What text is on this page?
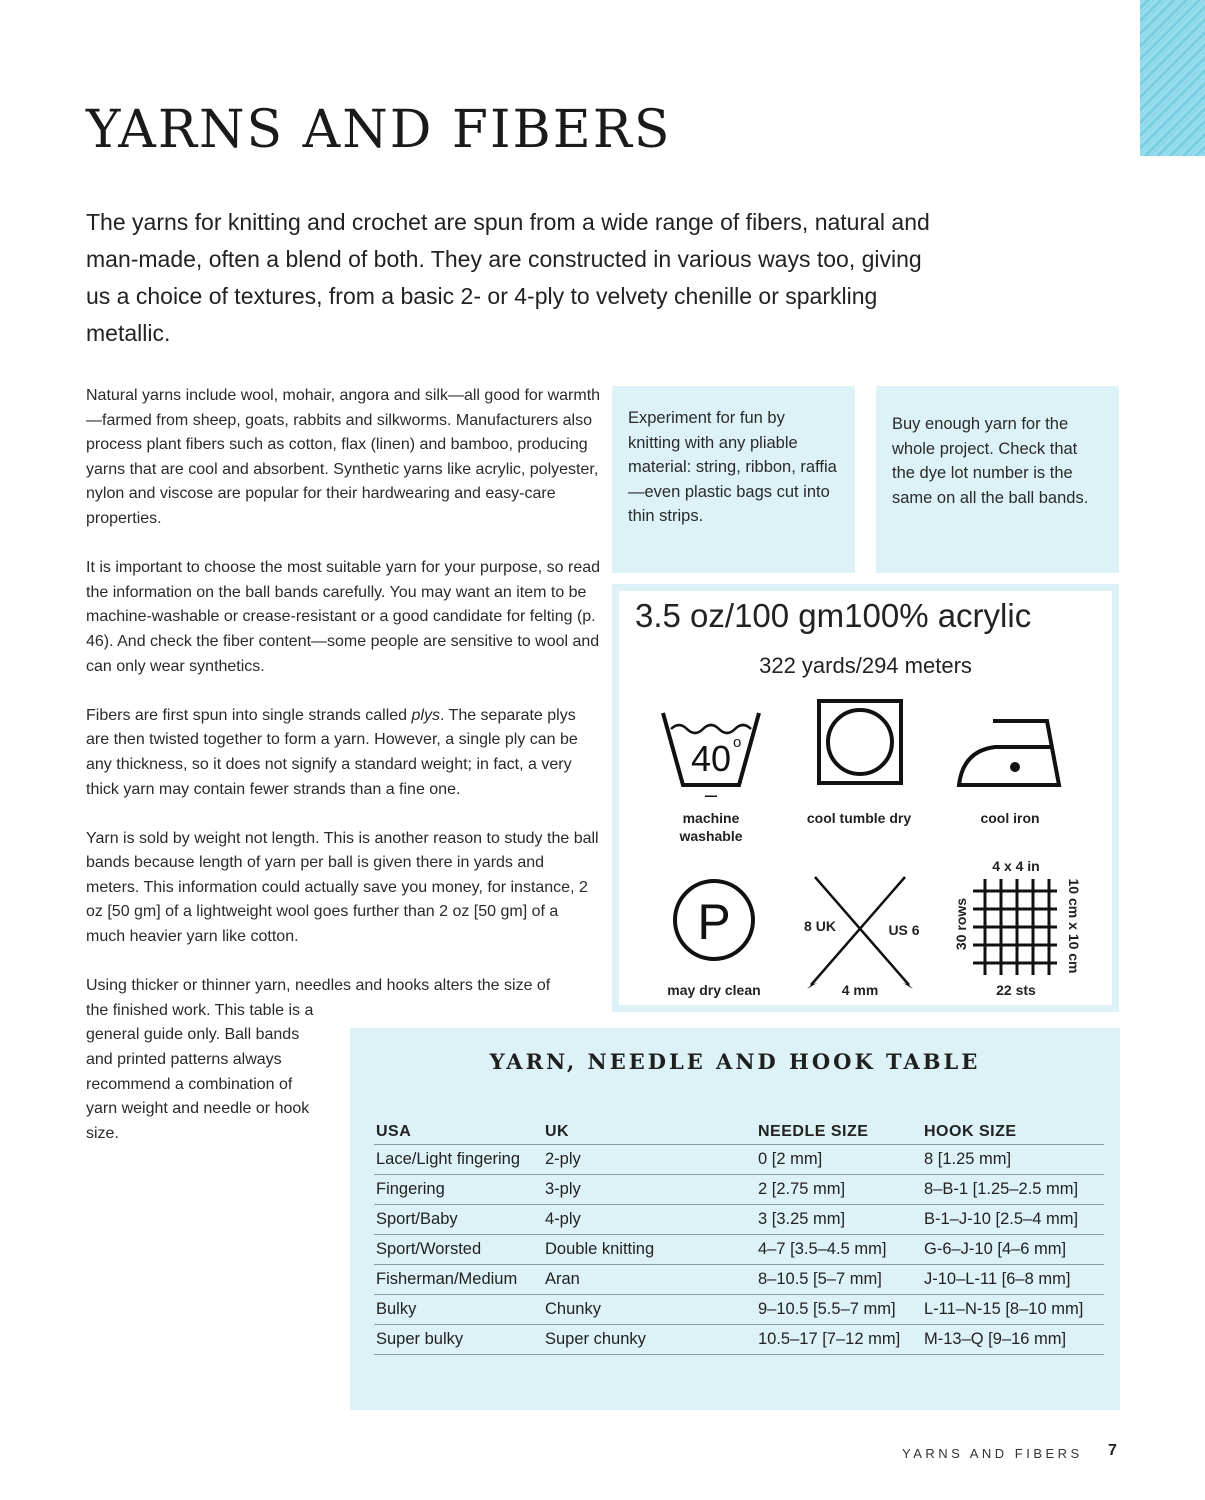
YARNS AND FIBERS

The yarns for knitting and crochet are spun from a wide range of fibers, natural and man-made, often a blend of both. They are constructed in various ways too, giving us a choice of textures, from a basic 2- or 4-ply to velvety chenille or sparkling metallic.

Natural yarns include wool, mohair, angora and silk—all good for warmth—farmed from sheep, goats, rabbits and silkworms. Manufacturers also process plant fibers such as cotton, flax (linen) and bamboo, producing yarns that are cool and absorbent. Synthetic yarns like acrylic, polyester, nylon and viscose are popular for their hardwearing and easy-care properties.

It is important to choose the most suitable yarn for your purpose, so read the information on the ball bands carefully. You may want an item to be machine-washable or crease-resistant or a good candidate for felting (p. 46). And check the fiber content—some people are sensitive to wool and can only wear synthetics.

Fibers are first spun into single strands called plys. The separate plys are then twisted together to form a yarn. However, a single ply can be any thickness, so it does not signify a standard weight; in fact, a very thick yarn may contain fewer strands than a fine one.

Yarn is sold by weight not length. This is another reason to study the ball bands because length of yarn per ball is given there in yards and meters. This information could actually save you money, for instance, 2 oz [50 gm] of a lightweight wool goes further than 2 oz [50 gm] of a much heavier yarn like cotton.

Using thicker or thinner yarn, needles and hooks alters the size of
the finished work. This table is a general guide only. Ball bands and printed patterns always recommend a combination of yarn weight and needle or hook size.

Experiment for fun by knitting with any pliable material: string, ribbon, raffia—even plastic bags cut into thin strips.
Buy enough yarn for the whole project. Check that the dye lot number is the same on all the ball bands.
3.5 oz/100 gm100% acrylic
322 yards/294 meters
40 o
machine
washable
cool tumble dry	cool iron
P
may dry clean
8 UK	US 6
4 mm
4 x 4 in
30 rows	10 cm x 10 cm
22 sts
YARN, NEEDLE AND HOOK TABLE
USA	UK	NEEDLE SIZE	HOOK SIZE
Lace/Light fingering	2-ply	0 [2 mm]	8 [1.25 mm]
Fingering	3-ply	2 [2.75 mm]	8–B-1 [1.25–2.5 mm]
Sport/Baby	4-ply	3 [3.25 mm]	B-1–J-10 [2.5–4 mm]
Sport/Worsted	Double knitting	4–7 [3.5–4.5 mm]	G-6–J-10 [4–6 mm]
Fisherman/Medium	Aran	8–10.5 [5–7 mm]	J-10–L-11 [6–8 mm]
Bulky	Chunky	9–10.5 [5.5–7 mm]	L-11–N-15 [8–10 mm]
Super bulky	Super chunky	10.5–17 [7–12 mm]	M-13–Q [9–16 mm]
YARNS AND FIBERS 7
